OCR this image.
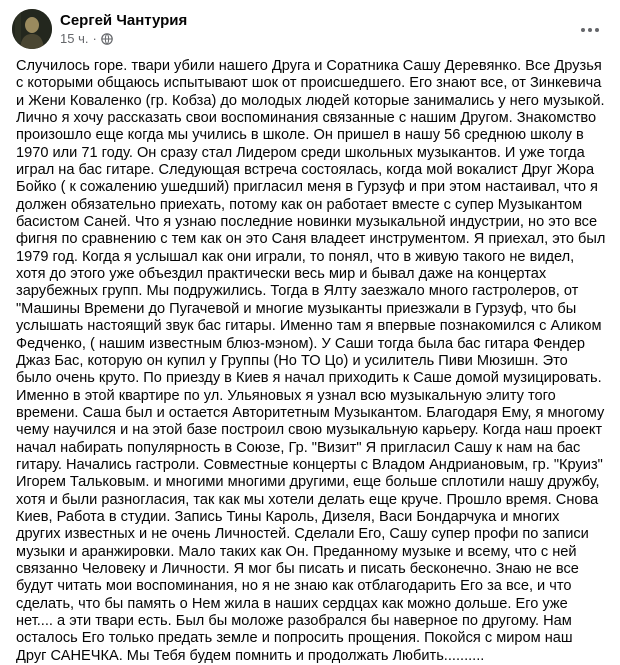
Сергей Чантурия
15 ч. ·
Случилось горе. твари убили нашего Друга и Соратника Сашу Деревянко. Все Друзья с которыми общаюсь испытывают шок от происшедшего. Его знают все, от Зинкевича и Жени Коваленко (гр. Кобза) до молодых людей которые занимались у него музыкой. Лично я хочу рассказать свои воспоминания связанные с нашим Другом. Знакомство произошло еще когда мы учились в школе. Он пришел в нашу 56 среднюю школу в 1970 или 71 году. Он сразу стал Лидером среди школьных музыкантов. И уже тогда играл на бас гитаре. Следующая встреча состоялась, когда мой вокалист Друг Жора Бойко ( к сожалению ушедший) пригласил меня в Гурзуф и при этом настаивал, что я должен обязательно приехать, потому как он работает вместе с супер Музыкантом басистом Саней. Что я узнаю последние новинки музыкальной индустрии, но это все фигня по сравнению с тем как он это Саня владеет инструментом. Я приехал, это был 1979 год. Когда я услышал как они играли, то понял, что в живую такого не видел, хотя до этого уже объездил практически весь мир и бывал даже на концертах зарубежных групп. Мы подружились. Тогда в Ялту заезжало много гастролеров, от "Машины Времени до Пугачевой и многие музыканты приезжали в Гурзуф, что бы услышать настоящий звук бас гитары. Именно там я впервые познакомился с Аликом Федченко, ( нашим известным блюз-мэном). У Саши тогда была бас гитара Фендер Джаз Бас, которую он купил у Группы (Но ТО Цо) и усилитель Пиви Мюзишн. Это было очень круто. По приезду в Киев я начал приходить к Саше домой музицировать. Именно в этой квартире по ул. Ульяновых я узнал всю музыкальную элиту того времени. Саша был и остается Авторитетным Музыкантом. Благодаря Ему, я многому чему научился и на этой базе построил свою музыкальную карьеру. Когда наш проект начал набирать популярность в Союзе, Гр. "Визит" Я пригласил Сашу к нам на бас гитару. Начались гастроли. Совместные концерты с Владом Андриановым, гр. "Круиз" Игорем Тальковым. и многими многими другими, еще больше сплотили нашу дружбу, хотя и были разногласия, так как мы хотели делать еще круче. Прошло время. Снова Киев, Работа в студии. Запись Тины Кароль, Дизеля, Васи Бондарчука и многих других известных и не очень Личностей. Сделали Его, Сашу супер профи по записи музыки и аранжировки. Мало таких как Он. Преданному музыке и всему, что с ней связанно Человеку и Личности. Я мог бы писать и писать бесконечно. Знаю не все будут читать мои воспоминания, но я не знаю как отблагодарить Его за все, и что сделать, что бы память о Нем жила в наших сердцах как можно дольше. Его уже нет.... а эти твари есть. Был бы моложе разобрался бы наверное по другому. Нам осталось Его только предать земле и попросить прощения. Покойся с миром наш Друг САНЕЧКА. Мы Тебя будем помнить и продолжать Любить..........
